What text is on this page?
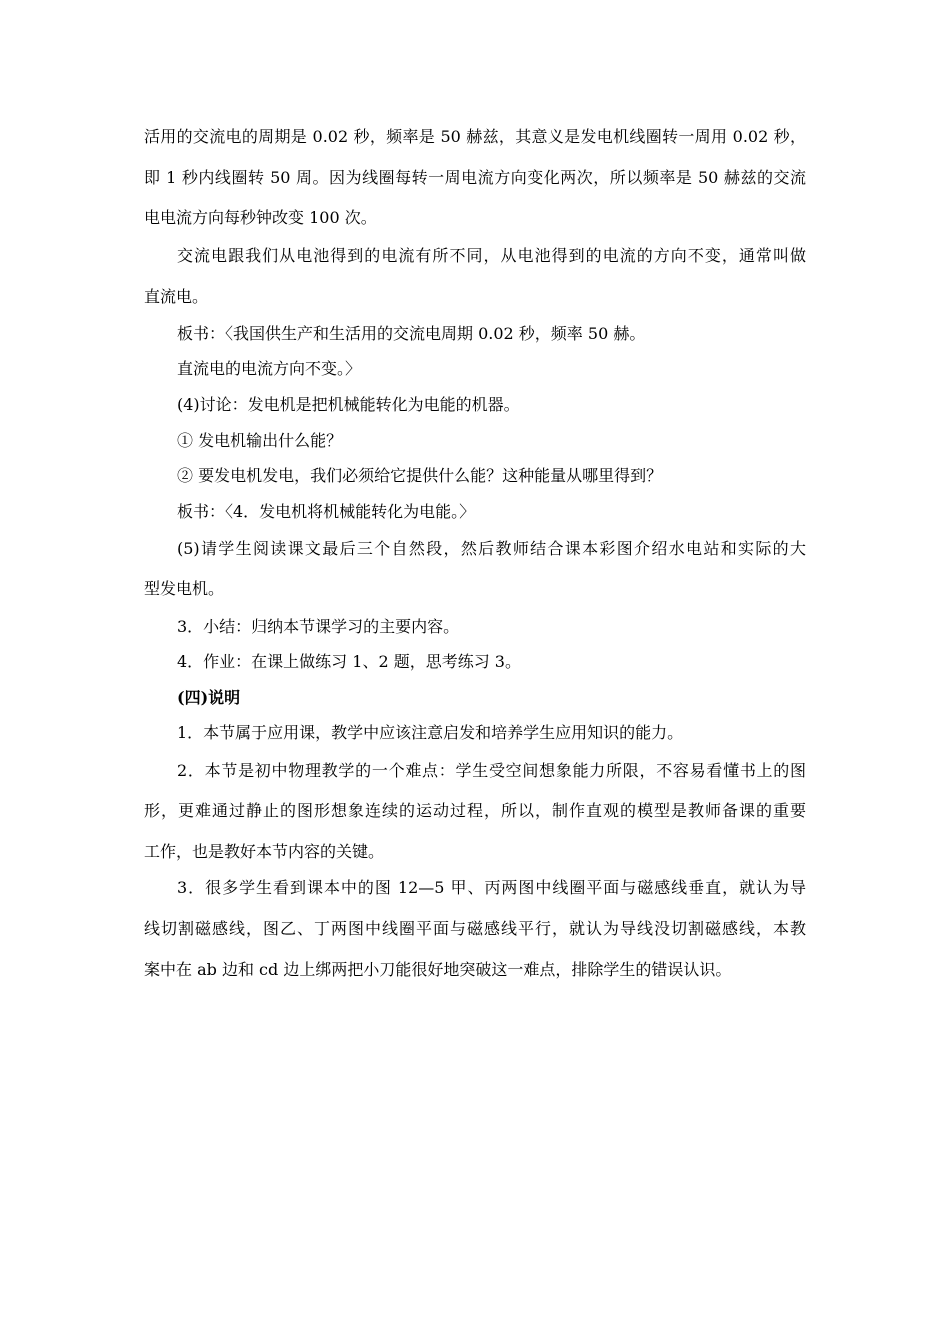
活用的交流电的周期是 0.02 秒，频率是 50 赫兹，其意义是发电机线圈转一周用 0.02 秒，
即 1 秒内线圈转 50 周。因为线圈每转一周电流方向变化两次，所以频率是 50 赫兹的交流
电电流方向每秒钟改变 100 次。
交流电跟我们从电池得到的电流有所不同，从电池得到的电流的方向不变，通常叫做
直流电。
板书：〈我国供生产和生活用的交流电周期 0.02 秒，频率 50 赫。
直流电的电流方向不变。〉
(4)讨论：发电机是把机械能转化为电能的机器。
① 发电机输出什么能？
② 要发电机发电，我们必须给它提供什么能？这种能量从哪里得到？
板书：〈4．发电机将机械能转化为电能。〉
(5)请学生阅读课文最后三个自然段，然后教师结合课本彩图介绍水电站和实际的大
型发电机。
3．小结：归纳本节课学习的主要内容。
4．作业：在课上做练习 1、2 题，思考练习 3。
(四)说明
1．本节属于应用课，教学中应该注意启发和培养学生应用知识的能力。
2．本节是初中物理教学的一个难点：学生受空间想象能力所限，不容易看懂书上的图
形，更难通过静止的图形想象连续的运动过程，所以，制作直观的模型是教师备课的重要
工作，也是教好本节内容的关键。
3．很多学生看到课本中的图 12—5 甲、丙两图中线圈平面与磁感线垂直，就认为导
线切割磁感线，图乙、丁两图中线圈平面与磁感线平行，就认为导线没切割磁感线，本教
案中在 ab 边和 cd 边上绑两把小刀能很好地突破这一难点，排除学生的错误认识。
